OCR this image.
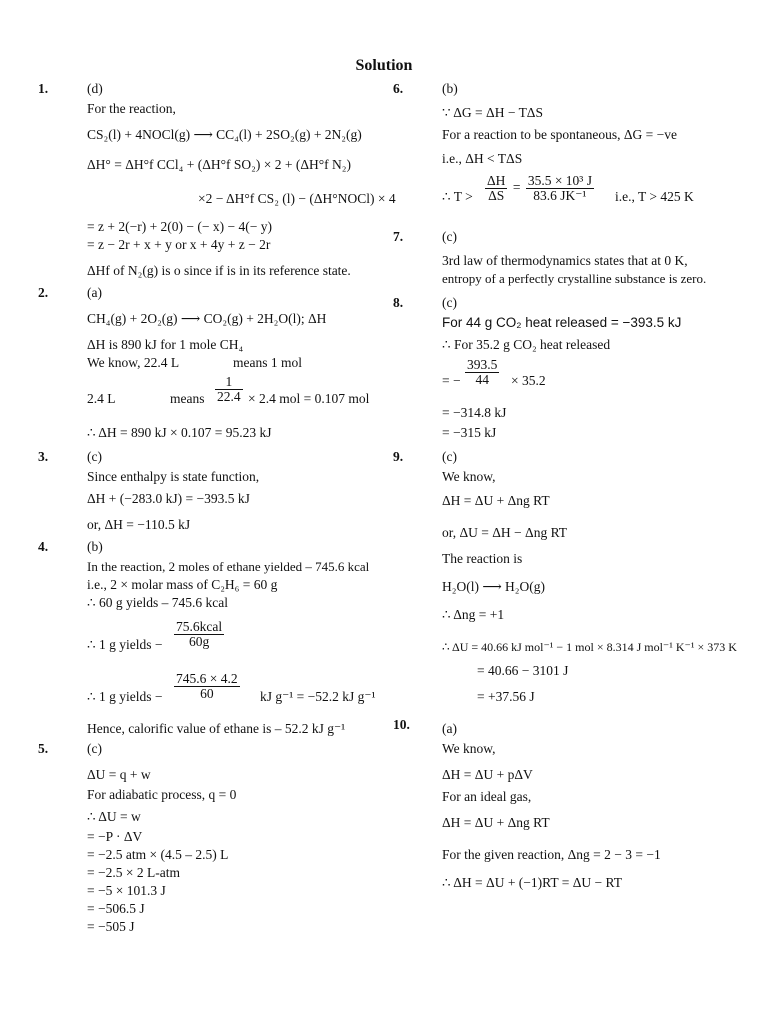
Solution
1.	(d)
For the reaction,
CS₂(l) + 4NOCl(g) ⟶ CC₄(l) + 2SO₂(g) + 2N₂(g)
ΔH° = ΔH°f CCl₄ + (ΔH°f SO₂) × 2 + (ΔH°f N₂)
×2 − ΔH°f CS₂ (l) − (ΔH°NOCl) × 4
= z + 2(−r) + 2(0) − (− x) − 4(− y)
= z − 2r + x + y or x + 4y + z − 2r
ΔHf of N₂(g) is o since if is in its reference state.
2.	(a)
CH₄(g) + 2O₂(g) ⟶ CO₂(g) + 2H₂O(l); ΔH
ΔH is 890 kJ for 1 mole CH₄
We know, 22.4 L	means 1 mol
2.4 L	means $\frac{1}{22.4} \times 2.4$ mol = 0.107 mol
∴ ΔH = 890 kJ × 0.107 = 95.23 kJ
3.	(c)
Since enthalpy is state function,
ΔH + (−283.0 kJ) = −393.5 kJ
or, ΔH = −110.5 kJ
4.	(b)
In the reaction, 2 moles of ethane yielded – 745.6 kcal
i.e., 2 × molar mass of C₂H₆ = 60 g
∴ 60 g yields – 745.6 kcal
∴ 1 g yields − $\frac{\text{75.6kcal}}{60g}$
∴ 1 g yields − $\frac{745.6 \times 4.2}{60}$ kJ g⁻¹ = −52.2 kJ g⁻¹
Hence, calorific value of ethane is – 52.2 kJ g⁻¹
5.	(c)
ΔU = q + w
For adiabatic process, q = 0
∴ ΔU = w
= −P · ΔV
= −2.5 atm × (4.5 – 2.5) L
= −2.5 × 2 L-atm
= −5 × 101.3 J
= −506.5 J
= −505 J
6.	(b)
∵ ΔG = ΔH − TΔS
For a reaction to be spontaneous, ΔG = −ve
i.e., ΔH < TΔS
∴ $T > \frac{\Delta H}{\Delta S} = \frac{\text{35.5 × 10³ J}}{\text{83.6 JK⁻¹}} i.e$., T > 425 K
7.	(c)
3rd law of thermodynamics states that at 0 K,
entropy of a perfectly crystalline substance is zero.
8.	(c)
For 44 g CO₂ heat released = −393.5 kJ
∴ For 35.2 g CO₂ heat released
= − $\frac{393.5}{44} \times 35.2$
= −314.8 kJ
= −315 kJ
9.	(c)
We know,
ΔH = ΔU + Δng RT
or, ΔU = ΔH − Δng RT
The reaction is
H₂O(l) ⟶ H₂O(g)
∴ Δng = +1
∴ ΔU = 40.66 kJ mol⁻¹ − 1 mol × 8.314 J mol⁻¹ K⁻¹ × 373 K
= 40.66 − 3101 J
= +37.56 J
10. (a)
We know,
ΔH = ΔU + pΔV
For an ideal gas,
ΔH = ΔU + Δng RT
For the given reaction, Δng = 2 − 3 = −1
∴ ΔH = ΔU + (−1)RT = ΔU − RT
